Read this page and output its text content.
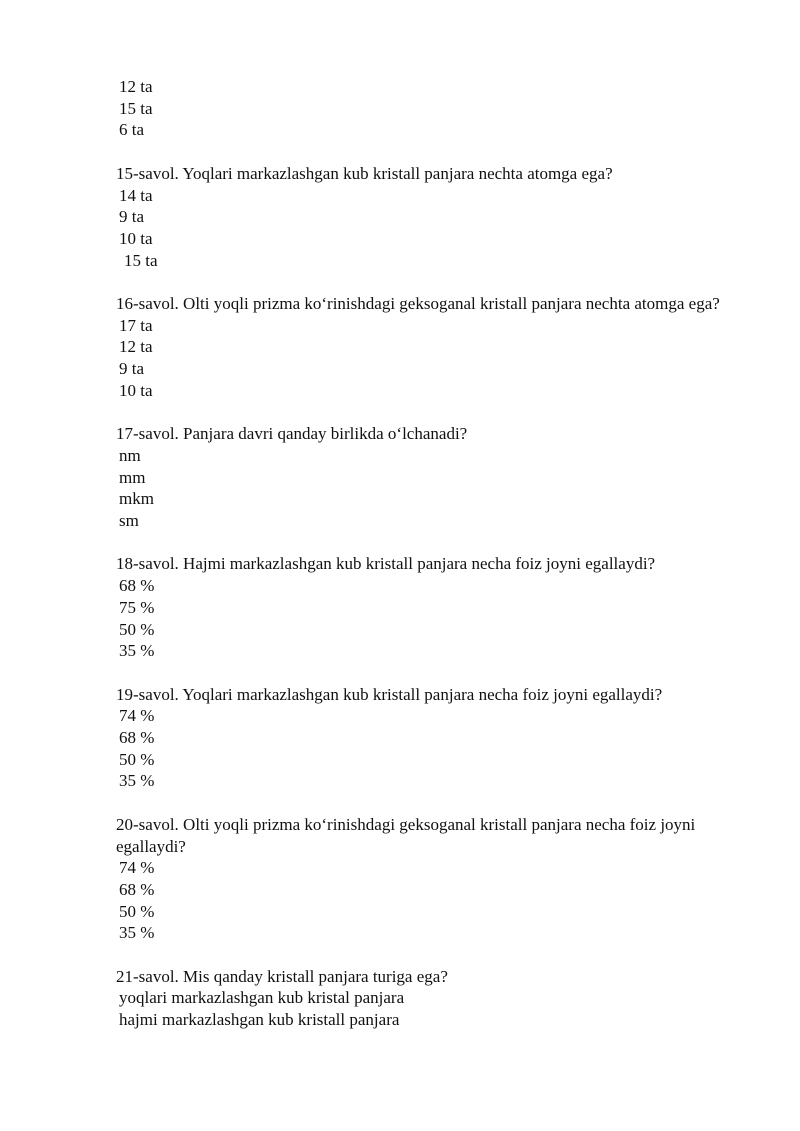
12 ta
15 ta
6 ta
15-savol. Yoqlari markazlashgan kub kristall panjara nechta atomga ega?
14 ta
9 ta
10 ta
15 ta
16-savol. Olti yoqli prizma ko‘rinishdagi geksoganal kristall panjara nechta atomga ega?
17 ta
12 ta
9 ta
10 ta
17-savol. Panjara davri qanday birlikda o‘lchanadi?
nm
mm
mkm
sm
18-savol. Hajmi markazlashgan kub kristall panjara necha foiz joyni egallaydi?
68 %
75 %
50 %
35 %
19-savol. Yoqlari markazlashgan kub kristall panjara necha foiz joyni egallaydi?
74 %
68 %
50 %
35 %
20-savol. Olti yoqli prizma ko‘rinishdagi geksoganal kristall panjara necha foiz joyni egallaydi?
74 %
68 %
50 %
35 %
21-savol. Mis qanday kristall panjara turiga ega?
yoqlari markazlashgan kub kristal panjara
hajmi markazlashgan kub kristall panjara
